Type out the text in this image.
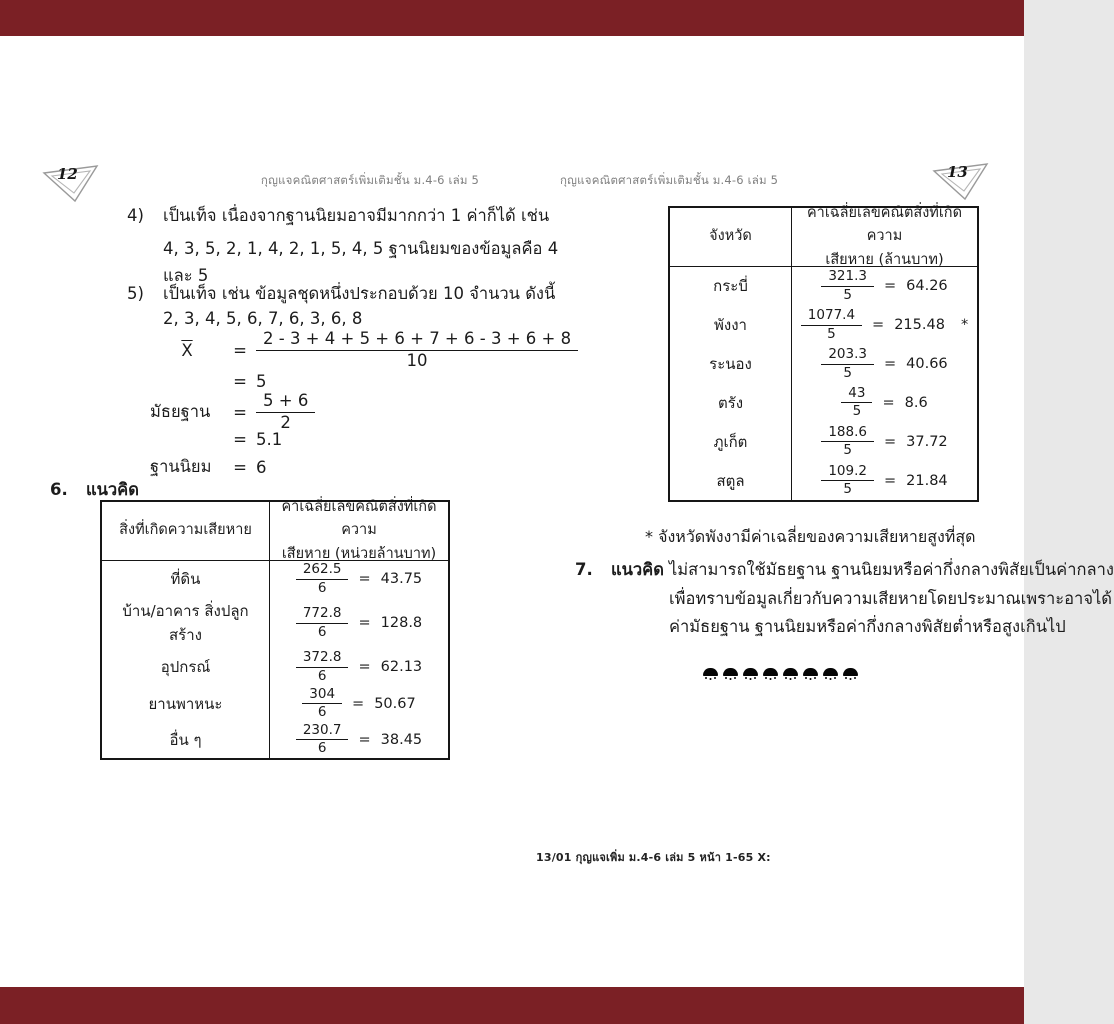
12	กุญแจคณิตศาสตร์เพิ่มเติมชั้น ม.4-6 เล่ม 5
4) เป็นเท็จ เนื่องจากฐานนิยมอาจมีมากกว่า 1 ค่าก็ได้ เช่น
4, 3, 5, 2, 1, 4, 2, 1, 5, 4, 5 ฐานนิยมของข้อมูลคือ 4
และ 5
5) เป็นเท็จ เช่น ข้อมูลชุดหนึ่งประกอบด้วย 10 จำนวน ดังนี้
2, 3, 4, 5, 6, 7, 6, 3, 6, 8
$\overline{X}$	= $\frac{2 - 3 + 4 + 5 + 6 + 7 + 6 - 3 + 6 + 8}{10}$
= 5
มัธยฐาน	= $\frac{5 + 6}{2}$
= 5.1
ฐานนิยม	= 6
6. แนวคิด
สิ่งที่เกิดความเสียหาย
ค่าเฉลี่ยเลขคณิตสิ่งที่เกิดความ
เสียหาย (หน่วยล้านบาท)
ที่ดิน	$\frac{262.5}{6} = 43.75$
บ้าน/อาคาร สิ่งปลูกสร้าง	$\frac{772.8}{6} = 128.8$
อุปกรณ์	$\frac{372.8}{6} = 62.13$
ยานพาหนะ	$\frac{304}{6} = 50.67$
อื่น ๆ	$\frac{230.7}{6} = 38.45$
กุญแจคณิตศาสตร์เพิ่มเติมชั้น ม.4-6 เล่ม 5	13
จังหวัด
ค่าเฉลี่ยเลขคณิตสิ่งที่เกิดความ
เสียหาย (ล้านบาท)
กระบี่	$\frac{321.3}{5} = 64.26$
พังงา	$\frac{1077.4}{5} = 215.48$ *
ระนอง	$\frac{203.3}{5} = 40.66$
ตรัง	$\frac{43}{5} = 8.6$
ภูเก็ต	$\frac{188.6}{5} = 37.72$
สตูล	$\frac{109.2}{5} = 21.84$
* จังหวัดพังงามีค่าเฉลี่ยของความเสียหายสูงที่สุด
7. แนวคิด ไม่สามารถใช้มัธยฐาน ฐานนิยมหรือค่ากึ่งกลางพิสัยเป็นค่ากลาง
เพื่อทราบข้อมูลเกี่ยวกับความเสียหายโดยประมาณเพราะอาจได้
ค่ามัธยฐาน ฐานนิยมหรือค่ากึ่งกลางพิสัยต่ำหรือสูงเกินไป
13/01 กุญแจเพิ่ม ม.4-6 เล่ม 5 หน้า 1-65 X:
